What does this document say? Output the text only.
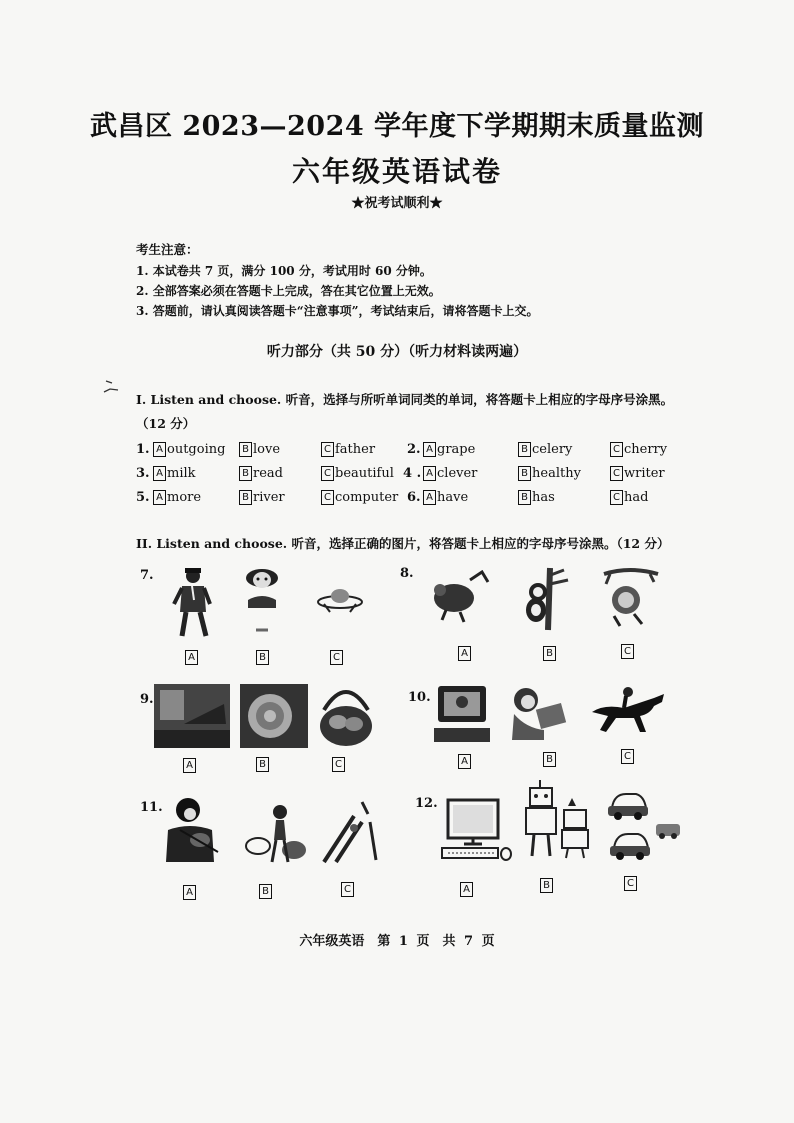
武昌区 2023—2024 学年度下学期期末质量监测
六年级英语试卷
★祝考试顺利★
考生注意：
1. 本试卷共 7 页，满分 100 分，考试用时 60 分钟。
2. 全部答案必须在答题卡上完成，答在其它位置上无效。
3. 答题前，请认真阅读答题卡“注意事项”，考试结束后，请将答题卡上交。
听力部分（共 50 分）（听力材料读两遍）
I. Listen and choose. 听音，选择与所听单词同类的单词，将答题卡上相应的字母序号涂黑。
（12 分）
1. A outgoing	B love	C father 2. A grape	B celery	C cherry
3. A milk	B read	C beautiful 4 . A clever	B healthy	C writer
5. A more	B river	C computer 6. A have	B has	C had
II. Listen and choose. 听音，选择正确的图片，将答题卡上相应的字母序号涂黑。（12 分）
7.
A	B	C
8.
A	B	C
9.
A	B	C
10.
A	B	C
11.
A	B	C
12.
A	B	C
六年级英语　第 1 页　共 7 页
